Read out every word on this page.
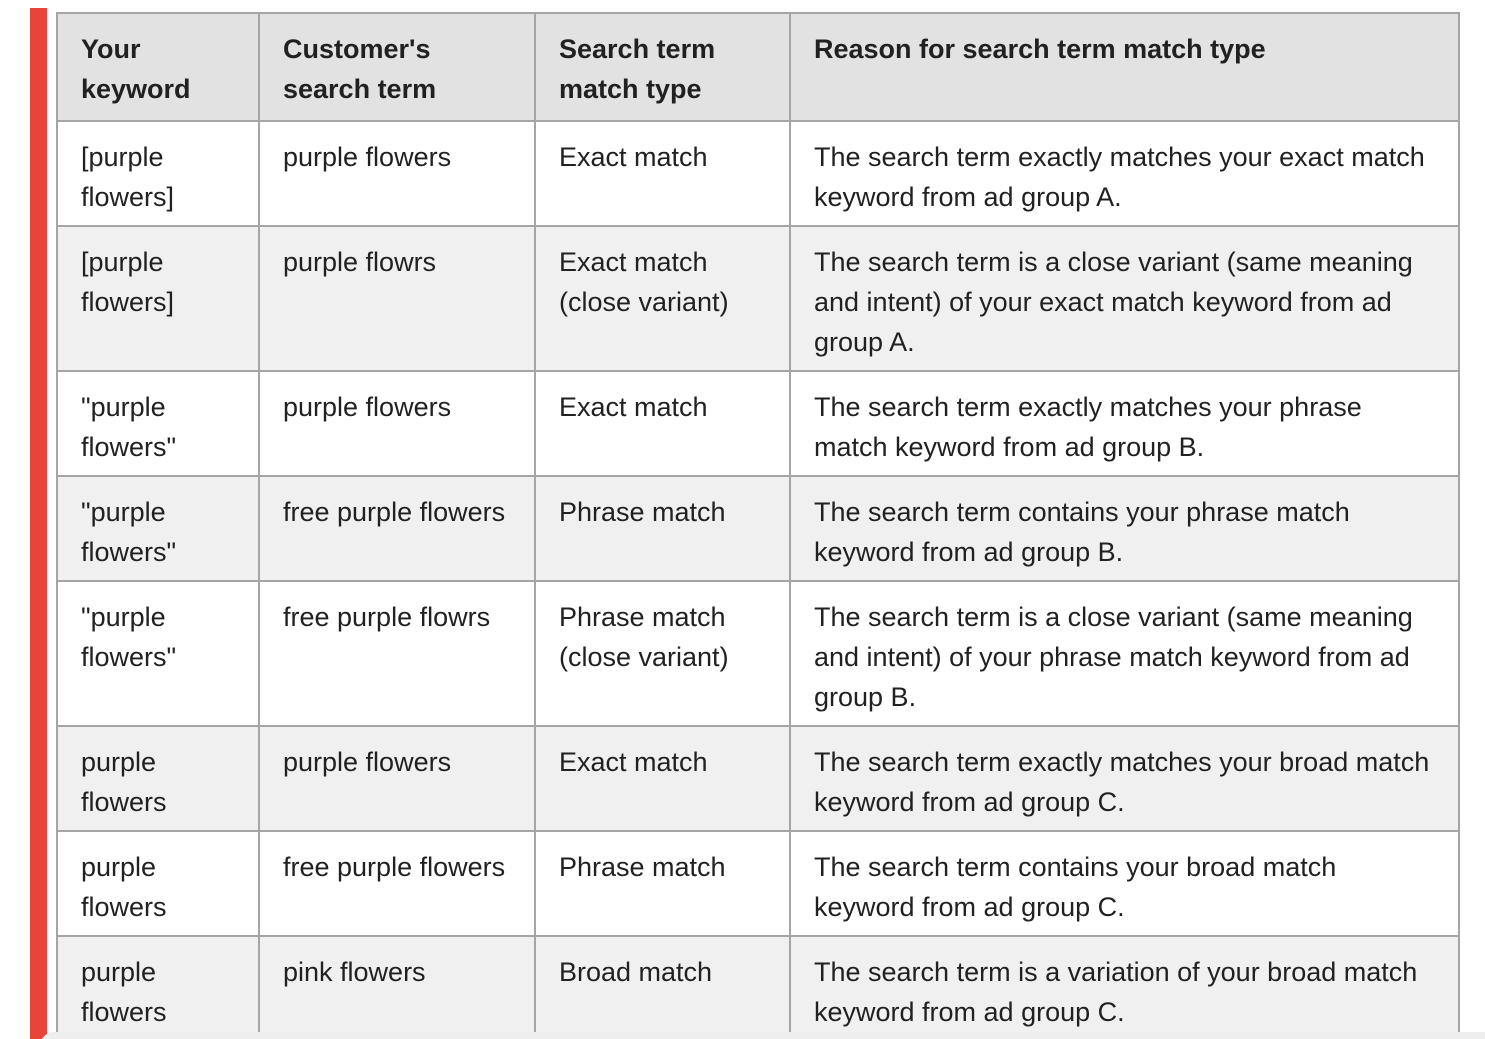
Your keyword	Customer's search term	Search term match type	Reason for search term match type
[purple flowers]	purple flowers	Exact match	The search term exactly matches your exact match keyword from ad group A.
[purple flowers]	purple flowrs	Exact match (close variant)	The search term is a close variant (same meaning and intent) of your exact match keyword from ad group A.
"purple flowers"	purple flowers	Exact match	The search term exactly matches your phrase match keyword from ad group B.
"purple flowers"	free purple flowers	Phrase match	The search term contains your phrase match keyword from ad group B.
"purple flowers"	free purple flowrs	Phrase match (close variant)	The search term is a close variant (same meaning and intent) of your phrase match keyword from ad group B.
purple flowers	purple flowers	Exact match	The search term exactly matches your broad match keyword from ad group C.
purple flowers	free purple flowers	Phrase match	The search term contains your broad match keyword from ad group C.
purple flowers	pink flowers	Broad match	The search term is a variation of your broad match keyword from ad group C.
